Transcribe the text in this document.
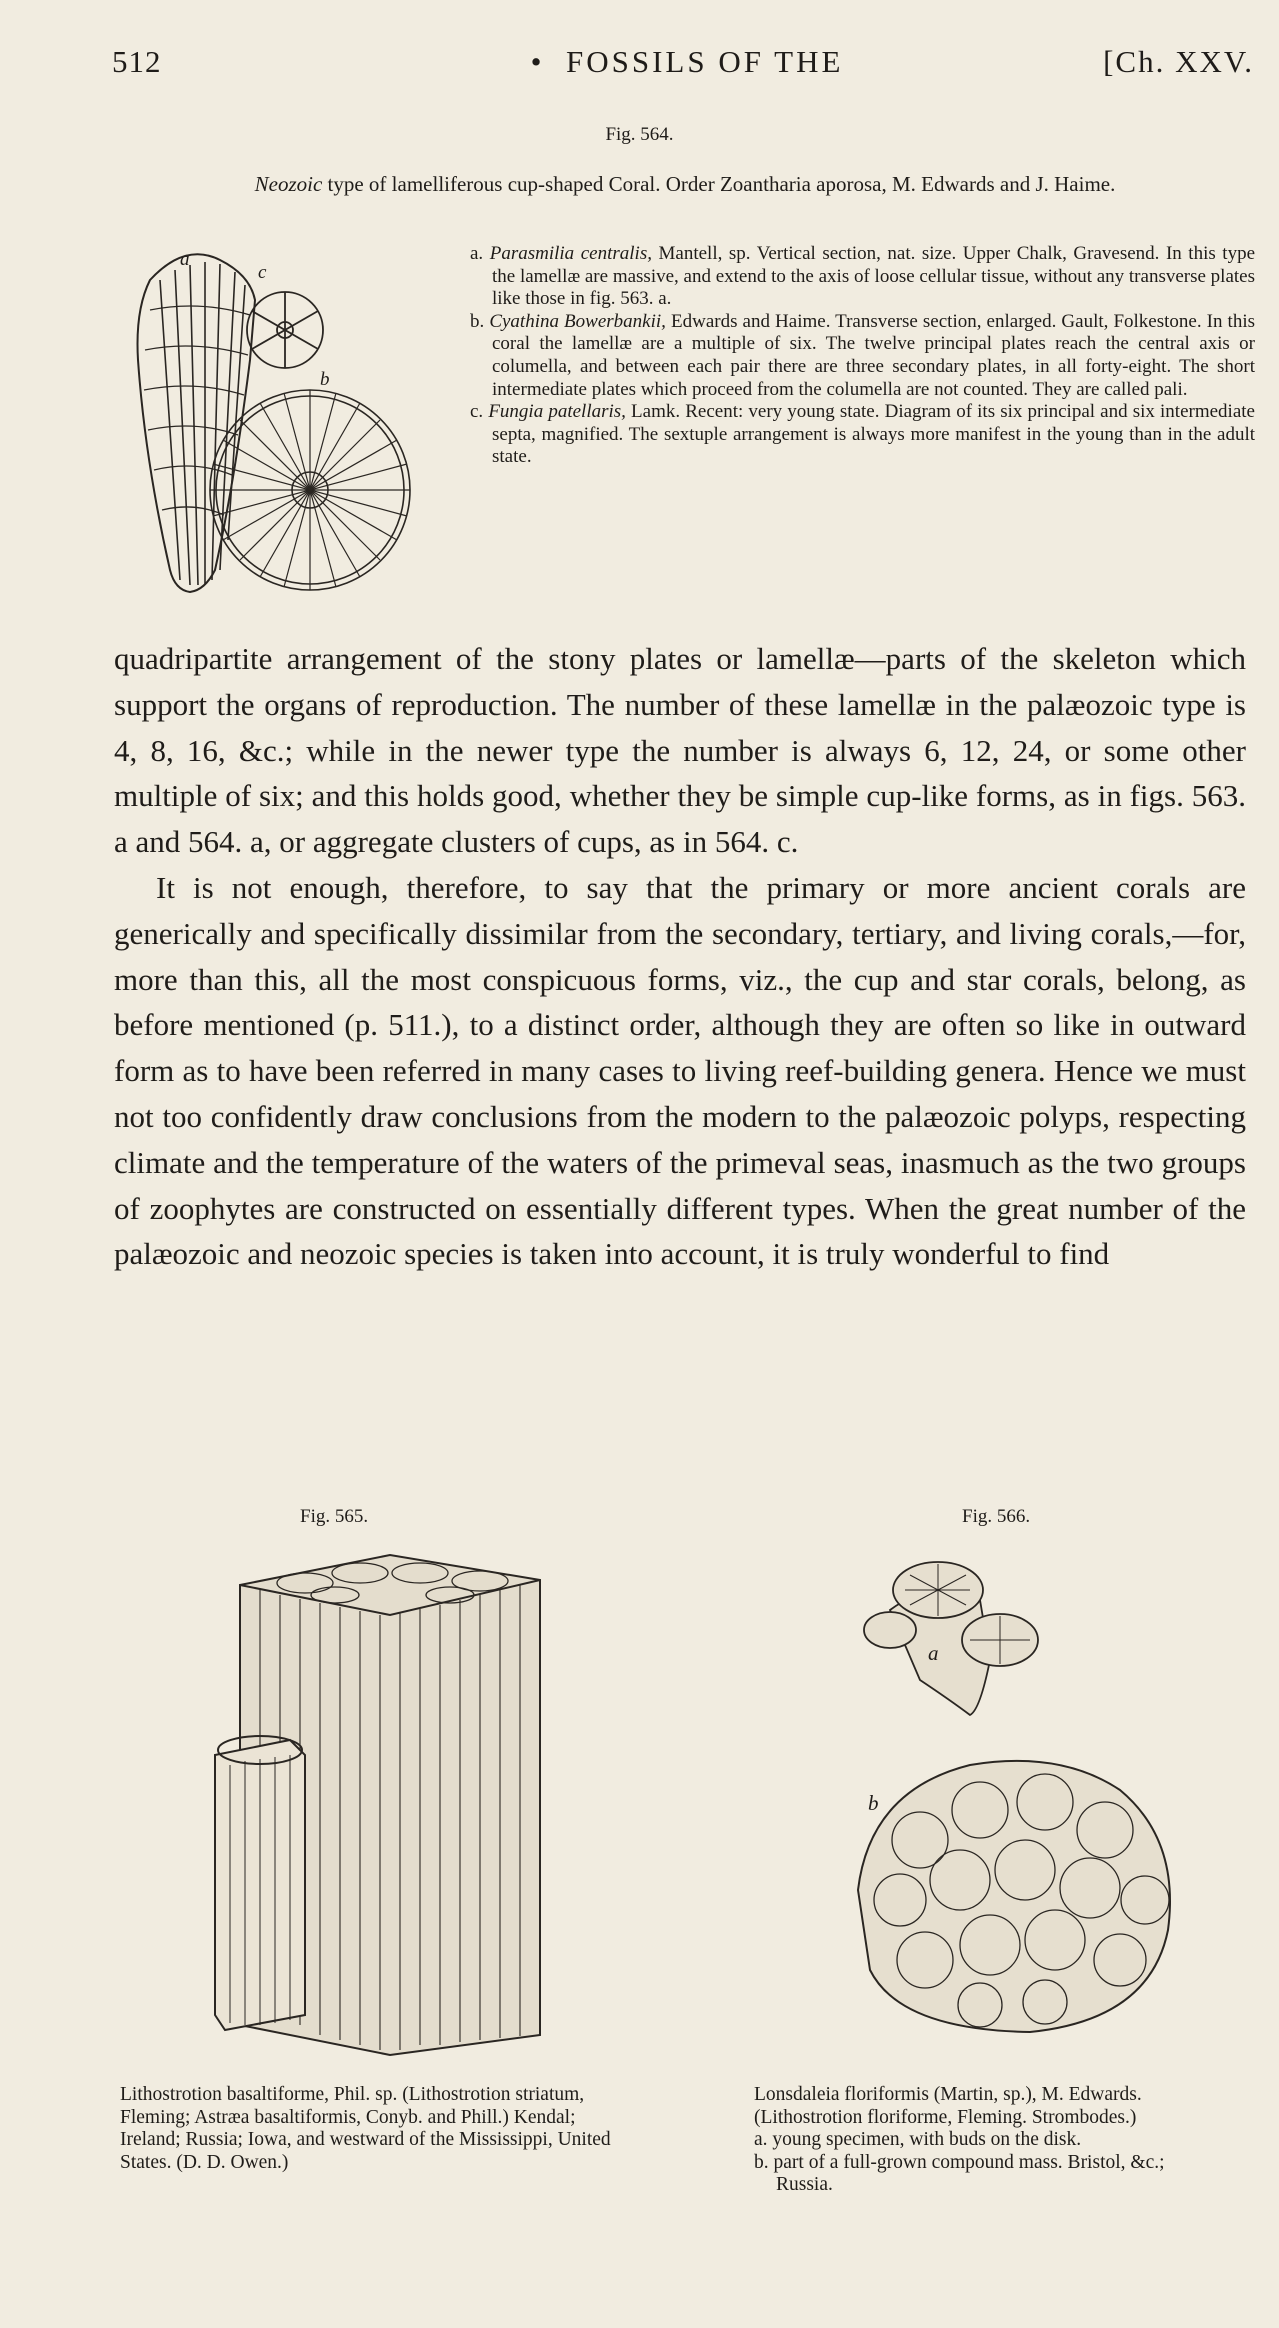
512	• FOSSILS OF THE	[Ch. XXV.
Fig. 564.
Neozoic type of lamelliferous cup-shaped Coral. Order Zoantharia aporosa, M. Edwards and J. Haime.
a
c
b

a. Parasmilia centralis, Mantell, sp. Vertical section, nat. size. Upper Chalk, Gravesend. In this type the lamellæ are massive, and extend to the axis of loose cellular tissue, without any transverse plates like those in fig. 563. a.

b. Cyathina Bowerbankii, Edwards and Haime. Transverse section, enlarged. Gault, Folkestone. In this coral the lamellæ are a multiple of six. The twelve principal plates reach the central axis or columella, and between each pair there are three secondary plates, in all forty-eight. The short intermediate plates which proceed from the columella are not counted. They are called pali.

c. Fungia patellaris, Lamk. Recent: very young state. Diagram of its six principal and six intermediate septa, magnified. The sextuple arrangement is always more manifest in the young than in the adult state.

quadripartite arrangement of the stony plates or lamellæ—parts of the skeleton which support the organs of reproduction. The number of these lamellæ in the palæozoic type is 4, 8, 16, &c.; while in the newer type the number is always 6, 12, 24, or some other multiple of six; and this holds good, whether they be simple cup-like forms, as in figs. 563. a and 564. a, or aggregate clusters of cups, as in 564. c.

It is not enough, therefore, to say that the primary or more ancient corals are generically and specifically dissimilar from the secondary, tertiary, and living corals,—for, more than this, all the most conspicuous forms, viz., the cup and star corals, belong, as before mentioned (p. 511.), to a distinct order, although they are often so like in outward form as to have been referred in many cases to living reef-building genera. Hence we must not too confidently draw conclusions from the modern to the palæozoic polyps, respecting climate and the temperature of the waters of the primeval seas, inasmuch as the two groups of zoophytes are constructed on essentially different types. When the great number of the palæozoic and neozoic species is taken into account, it is truly wonderful to find

Fig. 565.	Fig. 566.
a
b

Lithostrotion basaltiforme, Phil. sp. (Lithostrotion striatum, Fleming; Astræa basaltiformis, Conyb. and Phill.) Kendal; Ireland; Russia; Iowa, and westward of the Mississippi, United States. (D. D. Owen.)

Lonsdaleia floriformis (Martin, sp.), M. Edwards. (Lithostrotion floriforme, Fleming. Strombodes.)

a. young specimen, with buds on the disk.

b. part of a full-grown compound mass. Bristol, &c.; Russia.
